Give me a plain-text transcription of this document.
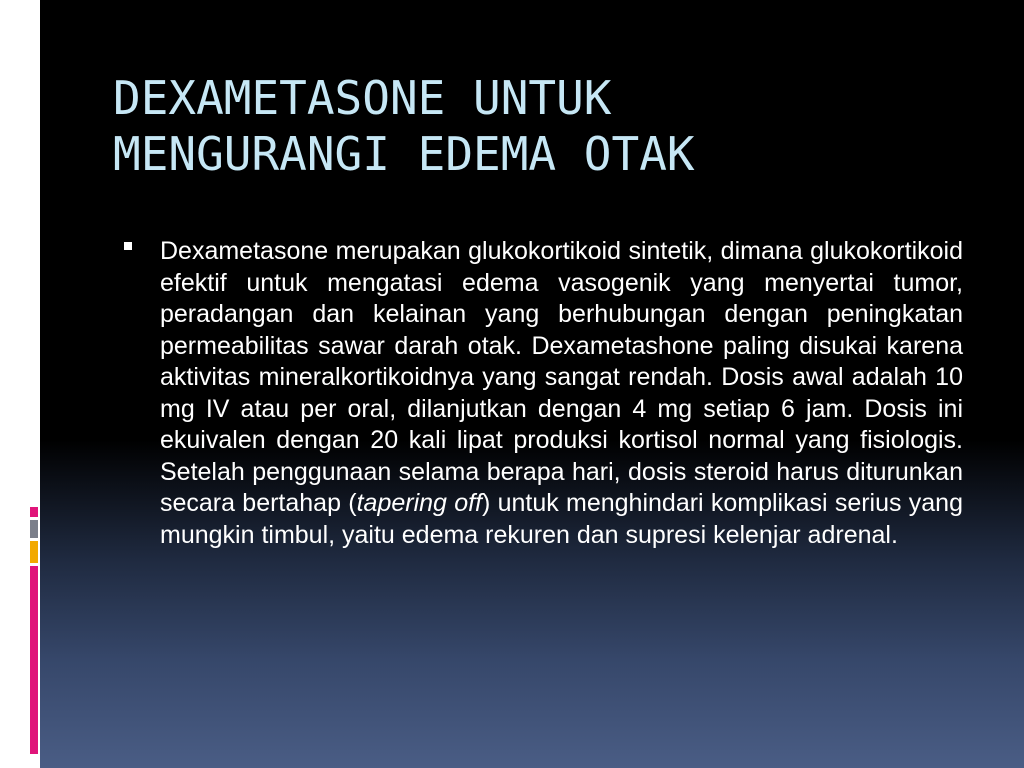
DEXAMETASONE UNTUK
MENGURANGI EDEMA OTAK

Dexametasone merupakan glukokortikoid sintetik, dimana glukokortikoid efektif untuk mengatasi edema vasogenik yang menyertai tumor, peradangan dan kelainan yang berhubungan dengan peningkatan permeabilitas sawar darah otak. Dexametashone paling disukai karena aktivitas mineralkortikoidnya yang sangat rendah. Dosis awal adalah 10 mg IV atau per oral, dilanjutkan dengan 4 mg setiap 6 jam. Dosis ini ekuivalen dengan 20 kali lipat produksi kortisol normal yang fisiologis. Setelah penggunaan selama berapa hari, dosis steroid harus diturunkan secara bertahap (tapering off) untuk menghindari komplikasi serius yang mungkin timbul, yaitu edema rekuren dan supresi kelenjar adrenal.
